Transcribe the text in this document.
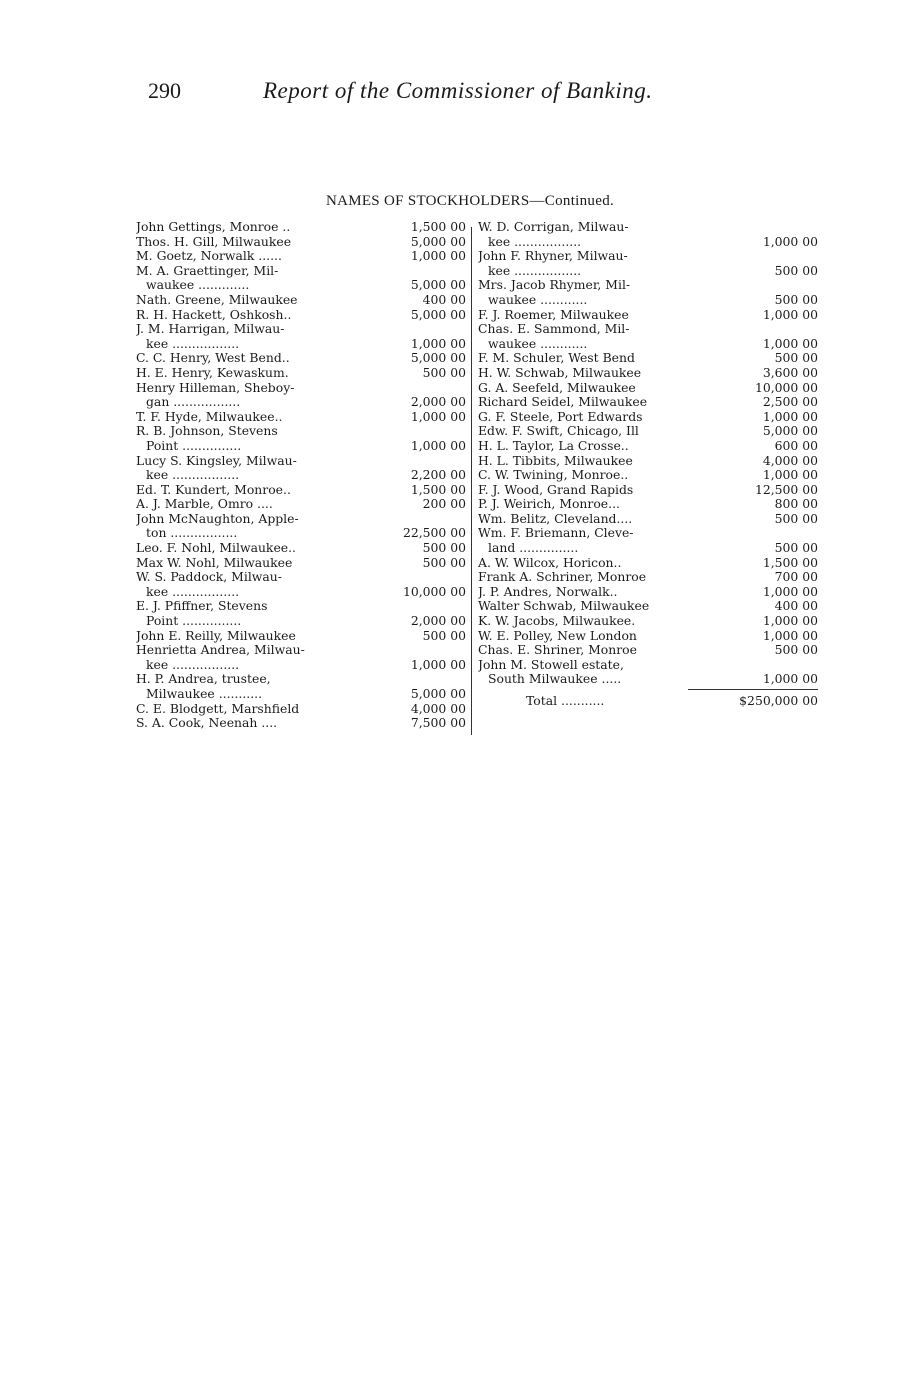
290	Report of the Commissioner of Banking.
NAMES OF STOCKHOLDERS—Continued.
John Gettings, Monroe ..	1,500 00
Thos. H. Gill, Milwaukee	5,000 00
M. Goetz, Norwalk ......	1,000 00
M. A. Graettinger, Mil-
waukee .............	5,000 00
Nath. Greene, Milwaukee	400 00
R. H. Hackett, Oshkosh..	5,000 00
J. M. Harrigan, Milwau-
kee .................	1,000 00
C. C. Henry, West Bend..	5,000 00
H. E. Henry, Kewaskum.	500 00
Henry Hilleman, Sheboy-
gan .................	2,000 00
T. F. Hyde, Milwaukee..	1,000 00
R. B. Johnson, Stevens
Point ...............	1,000 00
Lucy S. Kingsley, Milwau-
kee .................	2,200 00
Ed. T. Kundert, Monroe..	1,500 00
A. J. Marble, Omro ....	200 00
John McNaughton, Apple-
ton .................	22,500 00
Leo. F. Nohl, Milwaukee..	500 00
Max W. Nohl, Milwaukee	500 00
W. S. Paddock, Milwau-
kee .................	10,000 00
E. J. Pfiffner, Stevens
Point ...............	2,000 00
John E. Reilly, Milwaukee	500 00
Henrietta Andrea, Milwau-
kee .................	1,000 00
H. P. Andrea, trustee,
Milwaukee ...........	5,000 00
C. E. Blodgett, Marshfield	4,000 00
S. A. Cook, Neenah ....	7,500 00
W. D. Corrigan, Milwau-
kee .................	1,000 00
John F. Rhyner, Milwau-
kee .................	500 00
Mrs. Jacob Rhymer, Mil-
waukee ............	500 00
F. J. Roemer, Milwaukee	1,000 00
Chas. E. Sammond, Mil-
waukee ............	1,000 00
F. M. Schuler, West Bend	500 00
H. W. Schwab, Milwaukee	3,600 00
G. A. Seefeld, Milwaukee	10,000 00
Richard Seidel, Milwaukee	2,500 00
G. F. Steele, Port Edwards	1,000 00
Edw. F. Swift, Chicago, Ill	5,000 00
H. L. Taylor, La Crosse..	600 00
H. L. Tibbits, Milwaukee	4,000 00
C. W. Twining, Monroe..	1,000 00
F. J. Wood, Grand Rapids	12,500 00
P. J. Weirich, Monroe...	800 00
Wm. Belitz, Cleveland....	500 00
Wm. F. Briemann, Cleve-
land ...............	500 00
A. W. Wilcox, Horicon..	1,500 00
Frank A. Schriner, Monroe	700 00
J. P. Andres, Norwalk..	1,000 00
Walter Schwab, Milwaukee	400 00
K. W. Jacobs, Milwaukee.	1,000 00
W. E. Polley, New London	1,000 00
Chas. E. Shriner, Monroe	500 00
John M. Stowell estate,
South Milwaukee .....	1,000 00
Total ...........	$250,000 00
